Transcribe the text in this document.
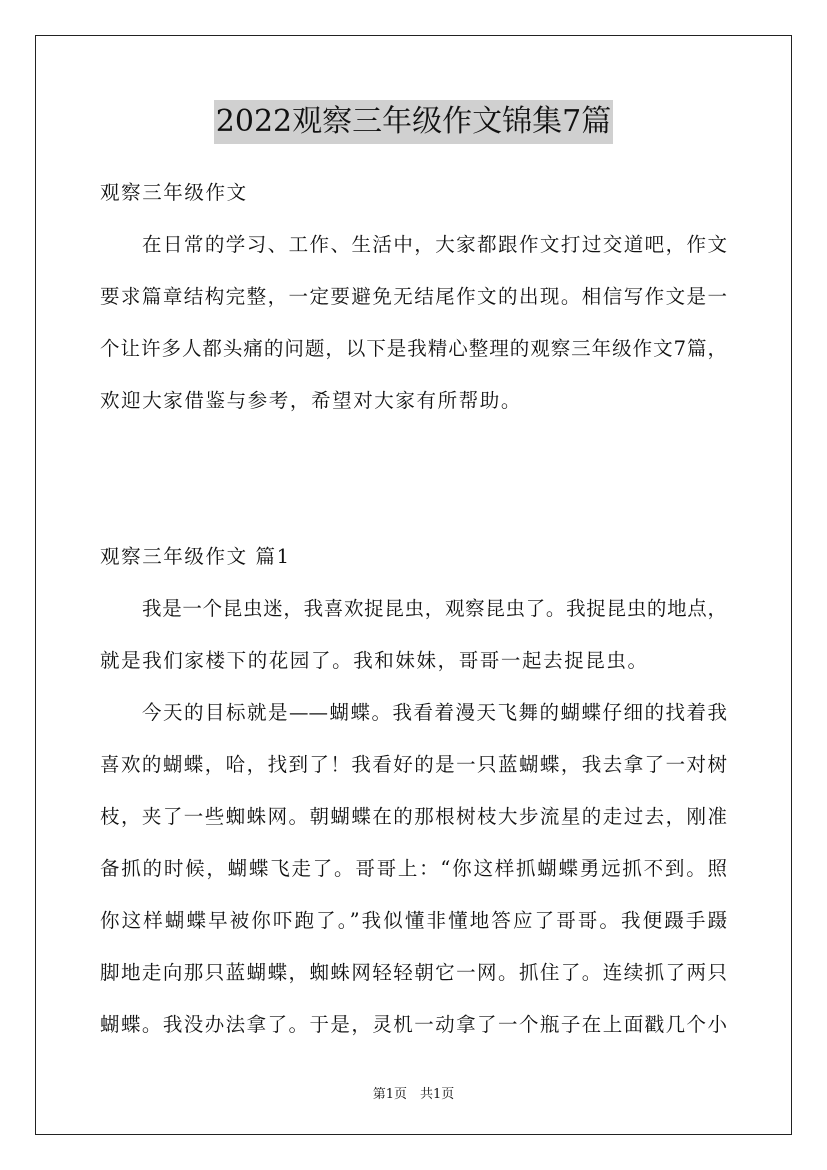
2022观察三年级作文锦集7篇
观察三年级作文
在日常的学习、工作、生活中，大家都跟作文打过交道吧，作文
要求篇章结构完整，一定要避免无结尾作文的出现。相信写作文是一
个让许多人都头痛的问题，以下是我精心整理的观察三年级作文7篇，
欢迎大家借鉴与参考，希望对大家有所帮助。
观察三年级作文 篇1
我是一个昆虫迷，我喜欢捉昆虫，观察昆虫了。我捉昆虫的地点，
就是我们家楼下的花园了。我和妹妹，哥哥一起去捉昆虫。
今天的目标就是——蝴蝶。我看着漫天飞舞的蝴蝶仔细的找着我
喜欢的蝴蝶，哈，找到了！我看好的是一只蓝蝴蝶，我去拿了一对树
枝，夹了一些蜘蛛网。朝蝴蝶在的那根树枝大步流星的走过去，刚准
备抓的时候，蝴蝶飞走了。哥哥上：“你这样抓蝴蝶勇远抓不到。照
你这样蝴蝶早被你吓跑了。”我似懂非懂地答应了哥哥。我便蹑手蹑
脚地走向那只蓝蝴蝶，蜘蛛网轻轻朝它一网。抓住了。连续抓了两只
蝴蝶。我没办法拿了。于是，灵机一动拿了一个瓶子在上面戳几个小
第1页　共1页
